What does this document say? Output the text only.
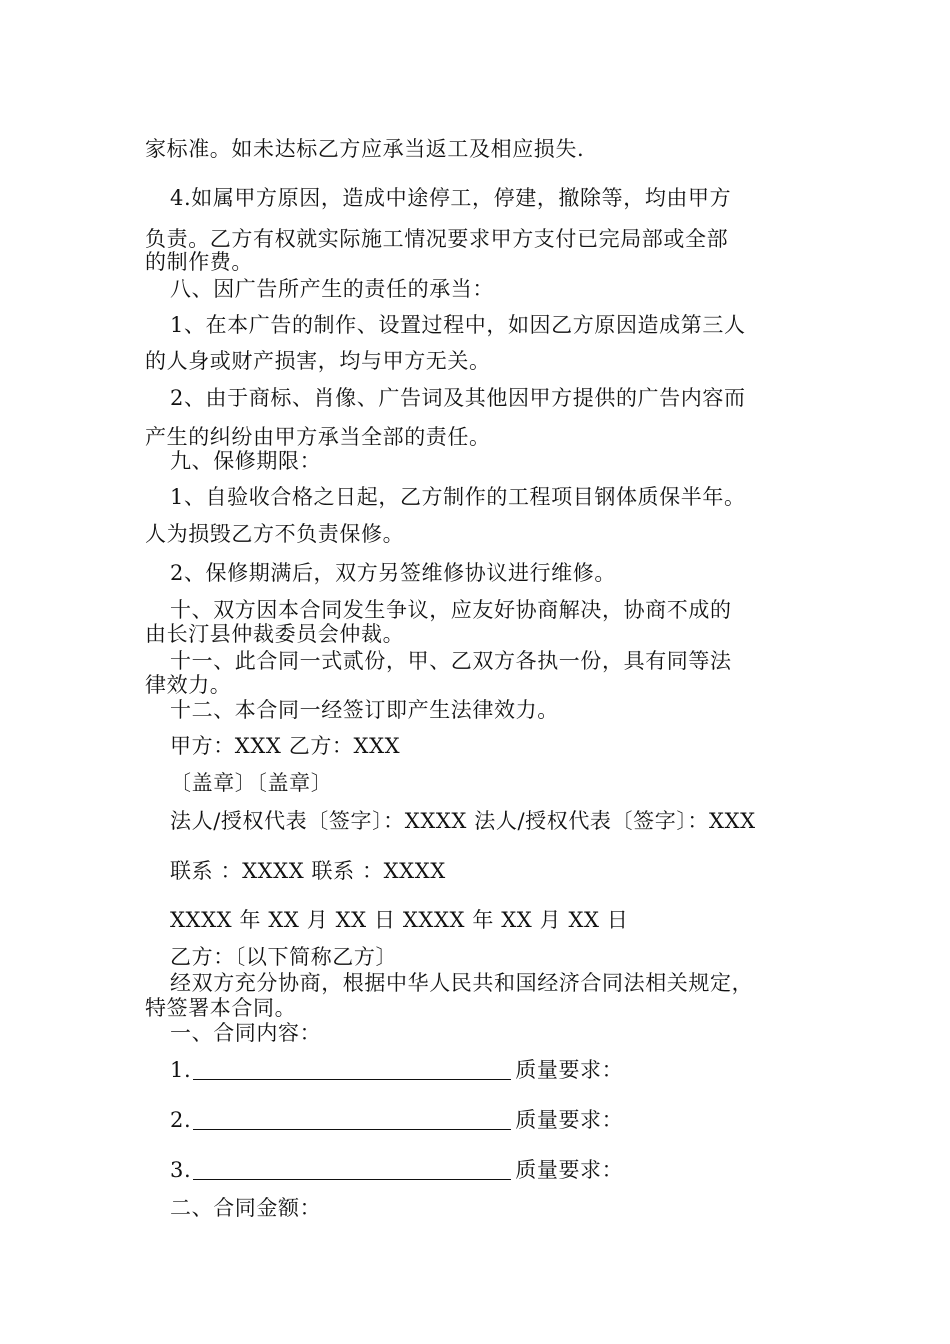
家标准。如未达标乙方应承当返工及相应损失.
4.如属甲方原因，造成中途停工，停建，撤除等，均由甲方
负责。乙方有权就实际施工情况要求甲方支付已完局部或全部
的制作费。
八、因广告所产生的责任的承当：
1、在本广告的制作、设置过程中，如因乙方原因造成第三人
的人身或财产损害，均与甲方无关。
2、由于商标、肖像、广告词及其他因甲方提供的广告内容而
产生的纠纷由甲方承当全部的责任。
九、保修期限：
1、自验收合格之日起，乙方制作的工程项目钢体质保半年。
人为损毁乙方不负责保修。
2、保修期满后，双方另签维修协议进行维修。
十、双方因本合同发生争议，应友好协商解决，协商不成的
由长汀县仲裁委员会仲裁。
十一、此合同一式贰份，甲、乙双方各执一份，具有同等法
律效力。
十二、本合同一经签订即产生法律效力。
甲方：XXX 乙方：XXX
〔盖章〕〔盖章〕
法人/授权代表〔签字〕：XXXX 法人/授权代表〔签字〕：XXX
联系 ：XXXX 联系 ：XXXX
XXXX 年 XX 月 XX 日 XXXX 年 XX 月 XX 日
乙方：〔以下简称乙方〕
经双方充分协商，根据中华人民共和国经济合同法相关规定，
特签署本合同。
一、合同内容：
1.	质量要求：
2.	质量要求：
3.	质量要求：
二、合同金额：
